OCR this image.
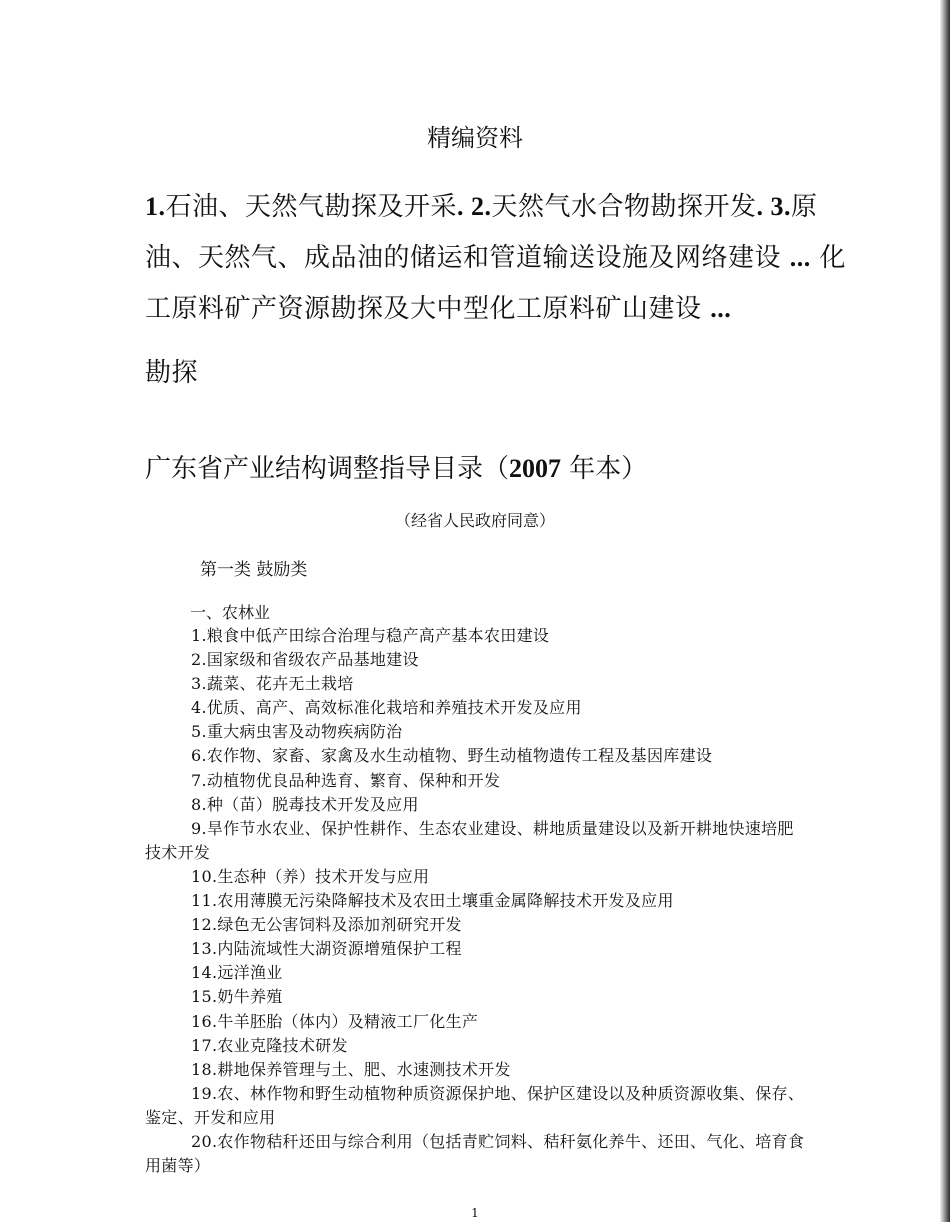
精编资料
1.石油、天然气勘探及开采. 2.天然气水合物勘探开发. 3.原
油、天然气、成品油的储运和管道输送设施及网络建设 ... 化
工原料矿产资源勘探及大中型化工原料矿山建设 ...
勘探
广东省产业结构调整指导目录（2007 年本）
（经省人民政府同意）
第一类 鼓励类
一、农林业
1.粮食中低产田综合治理与稳产高产基本农田建设
2.国家级和省级农产品基地建设
3.蔬菜、花卉无土栽培
4.优质、高产、高效标准化栽培和养殖技术开发及应用
5.重大病虫害及动物疾病防治
6.农作物、家畜、家禽及水生动植物、野生动植物遗传工程及基因库建设
7.动植物优良品种选育、繁育、保种和开发
8.种（苗）脱毒技术开发及应用
9.旱作节水农业、保护性耕作、生态农业建设、耕地质量建设以及新开耕地快速培肥技术开发
10.生态种（养）技术开发与应用
11.农用薄膜无污染降解技术及农田土壤重金属降解技术开发及应用
12.绿色无公害饲料及添加剂研究开发
13.内陆流域性大湖资源增殖保护工程
14.远洋渔业
15.奶牛养殖
16.牛羊胚胎（体内）及精液工厂化生产
17.农业克隆技术研发
18.耕地保养管理与土、肥、水速测技术开发
19.农、林作物和野生动植物种质资源保护地、保护区建设以及种质资源收集、保存、鉴定、开发和应用
20.农作物秸秆还田与综合利用（包括青贮饲料、秸秆氨化养牛、还田、气化、培育食用菌等）
1
